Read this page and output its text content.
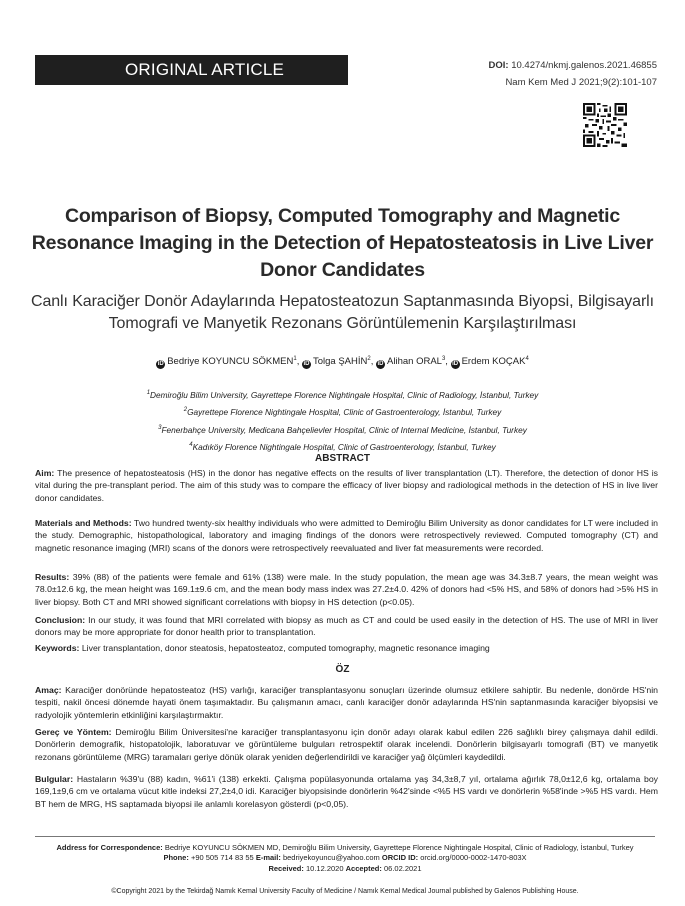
ORIGINAL ARTICLE	DOI: 10.4274/nkmj.galenos.2021.46855
Nam Kem Med J 2021;9(2):101-107
Comparison of Biopsy, Computed Tomography and Magnetic Resonance Imaging in the Detection of Hepatosteatosis in Live Liver Donor Candidates
Canlı Karaciğer Donör Adaylarında Hepatosteatozun Saptanmasında Biyopsi, Bilgisayarlı Tomografi ve Manyetik Rezonans Görüntülemenin Karşılaştırılması
iD Bedriye KOYUNCU SÖKMEN$^1$, iD Tolga ŞAHİN$^2$, iD Alihan ORAL$^3$, iD Erdem KOÇAK$^4$
$^1$Demiroğlu Bilim University, Gayrettepe Florence Nightingale Hospital, Clinic of Radiology, İstanbul, Turkey
$^2$Gayrettepe Florence Nightingale Hospital, Clinic of Gastroenterology, İstanbul, Turkey
$^3$Fenerbahçe University, Medicana Bahçelievler Hospital, Clinic of Internal Medicine, İstanbul, Turkey
$^4$Kadıköy Florence Nightingale Hospital, Clinic of Gastroenterology, İstanbul, Turkey
ABSTRACT
Aim: The presence of hepatosteatosis (HS) in the donor has negative effects on the results of liver transplantation (LT). Therefore, the detection of donor HS is vital during the pre-transplant period. The aim of this study was to compare the efficacy of liver biopsy and radiological methods in the detection of HS in live liver donor candidates.
Materials and Methods: Two hundred twenty-six healthy individuals who were admitted to Demiroğlu Bilim University as donor candidates for LT were included in the study. Demographic, histopathological, laboratory and imaging findings of the donors were retrospectively reviewed. Computed tomography (CT) and magnetic resonance imaging (MRI) scans of the donors were retrospectively reevaluated and liver fat measurements were recorded.
Results: 39% (88) of the patients were female and 61% (138) were male. In the study population, the mean age was 34.3±8.7 years, the mean weight was 78.0±12.6 kg, the mean height was 169.1±9.6 cm, and the mean body mass index was 27.2±4.0. 42% of donors had <5% HS, and 58% of donors had >5% HS in liver biopsy. Both CT and MRI showed significant correlations with biopsy in HS detection (p<0.05).
Conclusion: In our study, it was found that MRI correlated with biopsy as much as CT and could be used easily in the detection of HS. The use of MRI in liver donors may be more appropriate for donor health prior to transplantation.
Keywords: Liver transplantation, donor steatosis, hepatosteatoz, computed tomography, magnetic resonance imaging
ÖZ
Amaç: Karaciğer donöründe hepatosteatoz (HS) varlığı, karaciğer transplantasyonu sonuçları üzerinde olumsuz etkilere sahiptir. Bu nedenle, donörde HS'nin tespiti, nakil öncesi dönemde hayati önem taşımaktadır. Bu çalışmanın amacı, canlı karaciğer donör adaylarında HS'nin saptanmasında karaciğer biyopsisi ve radyolojik yöntemlerin etkinliğini karşılaştırmaktır.
Gereç ve Yöntem: Demiroğlu Bilim Üniversitesi'ne karaciğer transplantasyonu için donör adayı olarak kabul edilen 226 sağlıklı birey çalışmaya dahil edildi. Donörlerin demografik, histopatolojik, laboratuvar ve görüntüleme bulguları retrospektif olarak incelendi. Donörlerin bilgisayarlı tomografi (BT) ve manyetik rezonans görüntüleme (MRG) taramaları geriye dönük olarak yeniden değerlendirildi ve karaciğer yağ ölçümleri kaydedildi.
Bulgular: Hastaların %39'u (88) kadın, %61'i (138) erkekti. Çalışma popülasyonunda ortalama yaş 34,3±8,7 yıl, ortalama ağırlık 78,0±12,6 kg, ortalama boy 169,1±9,6 cm ve ortalama vücut kitle indeksi 27,2±4,0 idi. Karaciğer biyopsisinde donörlerin %42'sinde <%5 HS vardı ve donörlerin %58'inde >%5 HS vardı. Hem BT hem de MRG, HS saptamada biyopsi ile anlamlı korelasyon gösterdi (p<0,05).
Address for Correspondence: Bedriye KOYUNCU SÖKMEN MD, Demiroğlu Bilim University, Gayrettepe Florence Nightingale Hospital, Clinic of Radiology, İstanbul, Turkey
Phone: +90 505 714 83 55 E-mail: bedriyekoyuncu@yahoo.com ORCID ID: orcid.org/0000-0002-1470-803X
Received: 10.12.2020 Accepted: 06.02.2021
©Copyright 2021 by the Tekirdağ Namık Kemal University Faculty of Medicine / Namık Kemal Medical Journal published by Galenos Publishing House.
